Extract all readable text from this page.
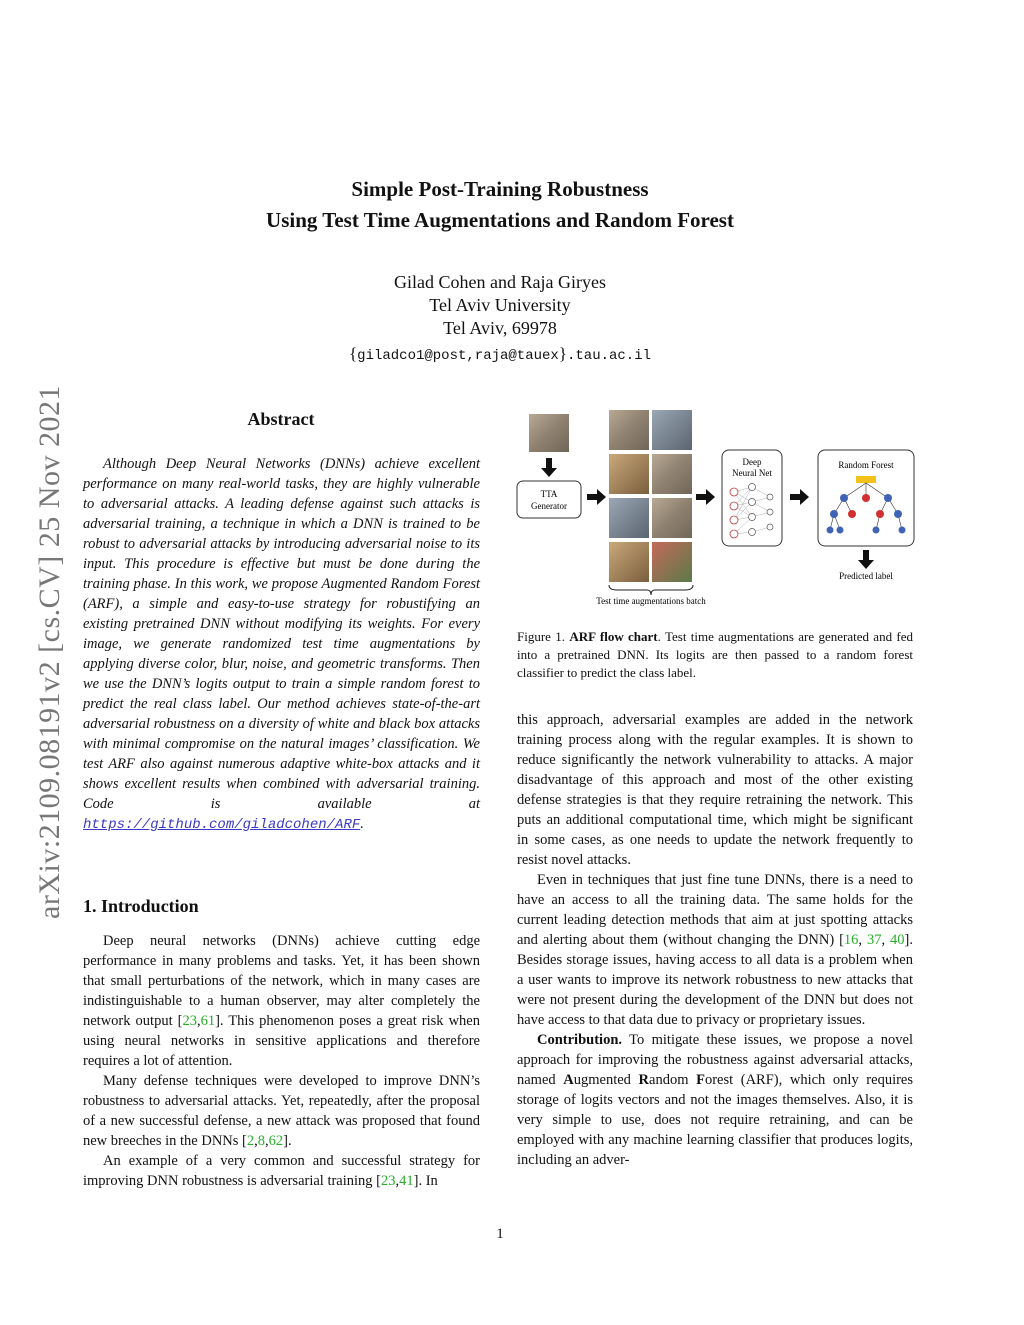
arXiv:2109.08191v2 [cs.CV] 25 Nov 2021
Simple Post-Training Robustness
Using Test Time Augmentations and Random Forest
Gilad Cohen and Raja Giryes
Tel Aviv University
Tel Aviv, 69978
{giladco1@post,raja@tauex}.tau.ac.il
Abstract

Although Deep Neural Networks (DNNs) achieve excellent performance on many real-world tasks, they are highly vulnerable to adversarial attacks. A leading defense against such attacks is adversarial training, a technique in which a DNN is trained to be robust to adversarial attacks by introducing adversarial noise to its input. This procedure is effective but must be done during the training phase. In this work, we propose Augmented Random Forest (ARF), a simple and easy-to-use strategy for robustifying an existing pretrained DNN without modifying its weights. For every image, we generate randomized test time augmentations by applying diverse color, blur, noise, and geometric transforms. Then we use the DNN’s logits output to train a simple random forest to predict the real class label. Our method achieves state-of-the-art adversarial robustness on a diversity of white and black box attacks with minimal compromise on the natural images’ classification. We test ARF also against numerous adaptive white-box attacks and it shows excellent results when combined with adversarial training. Code is available at https://github.com/giladcohen/ARF.

1. Introduction

Deep neural networks (DNNs) achieve cutting edge performance in many problems and tasks. Yet, it has been shown that small perturbations of the network, which in many cases are indistinguishable to a human observer, may alter completely the network output [23,61]. This phenomenon poses a great risk when using neural networks in sensitive applications and therefore requires a lot of attention.

Many defense techniques were developed to improve DNN’s robustness to adversarial attacks. Yet, repeatedly, after the proposal of a new successful defense, a new attack was proposed that found new breeches in the DNNs [2,8,62].

An example of a very common and successful strategy for improving DNN robustness is adversarial training [23,41]. In

TTA
Generator
Test time augmentations batch
Deep
Neural Net
Random Forest
Predicted label
Figure 1. ARF flow chart. Test time augmentations are generated and fed into a pretrained DNN. Its logits are then passed to a random forest classifier to predict the class label.

this approach, adversarial examples are added in the network training process along with the regular examples. It is shown to reduce significantly the network vulnerability to attacks. A major disadvantage of this approach and most of the other existing defense strategies is that they require retraining the network. This puts an additional computational time, which might be significant in some cases, as one needs to update the network frequently to resist novel attacks.

Even in techniques that just fine tune DNNs, there is a need to have an access to all the training data. The same holds for the current leading detection methods that aim at just spotting attacks and alerting about them (without changing the DNN) [16, 37, 40]. Besides storage issues, having access to all data is a problem when a user wants to improve its network robustness to new attacks that were not present during the development of the DNN but does not have access to that data due to privacy or proprietary issues.

Contribution. To mitigate these issues, we propose a novel approach for improving the robustness against adversarial attacks, named Augmented Random Forest (ARF), which only requires storage of logits vectors and not the images themselves. Also, it is very simple to use, does not require retraining, and can be employed with any machine learning classifier that produces logits, including an adver-

1
